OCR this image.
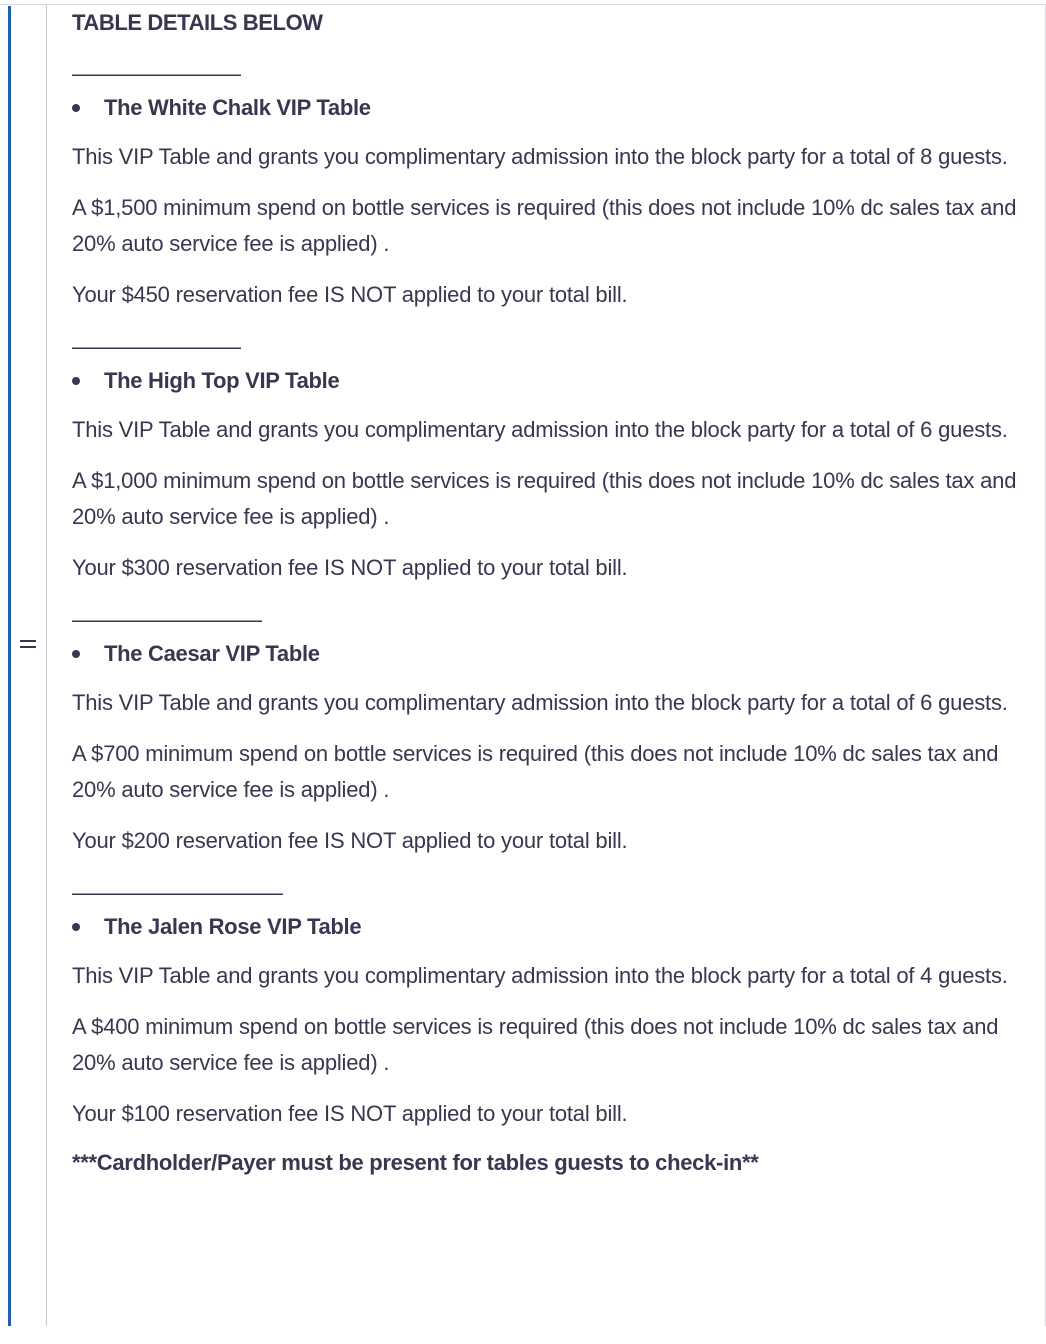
TABLE DETAILS BELOW

————————
The White Chalk VIP Table

This VIP Table and grants you complimentary admission into the block party for a total of 8 guests.

A $1,500 minimum spend on bottle services is required (this does not include 10% dc sales tax and 20% auto service fee is applied) .

Your $450 reservation fee IS NOT applied to your total bill.

————————
The High Top VIP Table

This VIP Table and grants you complimentary admission into the block party for a total of 6 guests.

A $1,000 minimum spend on bottle services is required (this does not include 10% dc sales tax and 20% auto service fee is applied) .

Your $300 reservation fee IS NOT applied to your total bill.

—————————
The Caesar VIP Table

This VIP Table and grants you complimentary admission into the block party for a total of 6 guests.

A $700 minimum spend on bottle services is required (this does not include 10% dc sales tax and 20% auto service fee is applied) .

Your $200 reservation fee IS NOT applied to your total bill.

——————————
The Jalen Rose VIP Table

This VIP Table and grants you complimentary admission into the block party for a total of 4 guests.

A $400 minimum spend on bottle services is required (this does not include 10% dc sales tax and 20% auto service fee is applied) .

Your $100 reservation fee IS NOT applied to your total bill.

***Cardholder/Payer must be present for tables guests to check-in**
